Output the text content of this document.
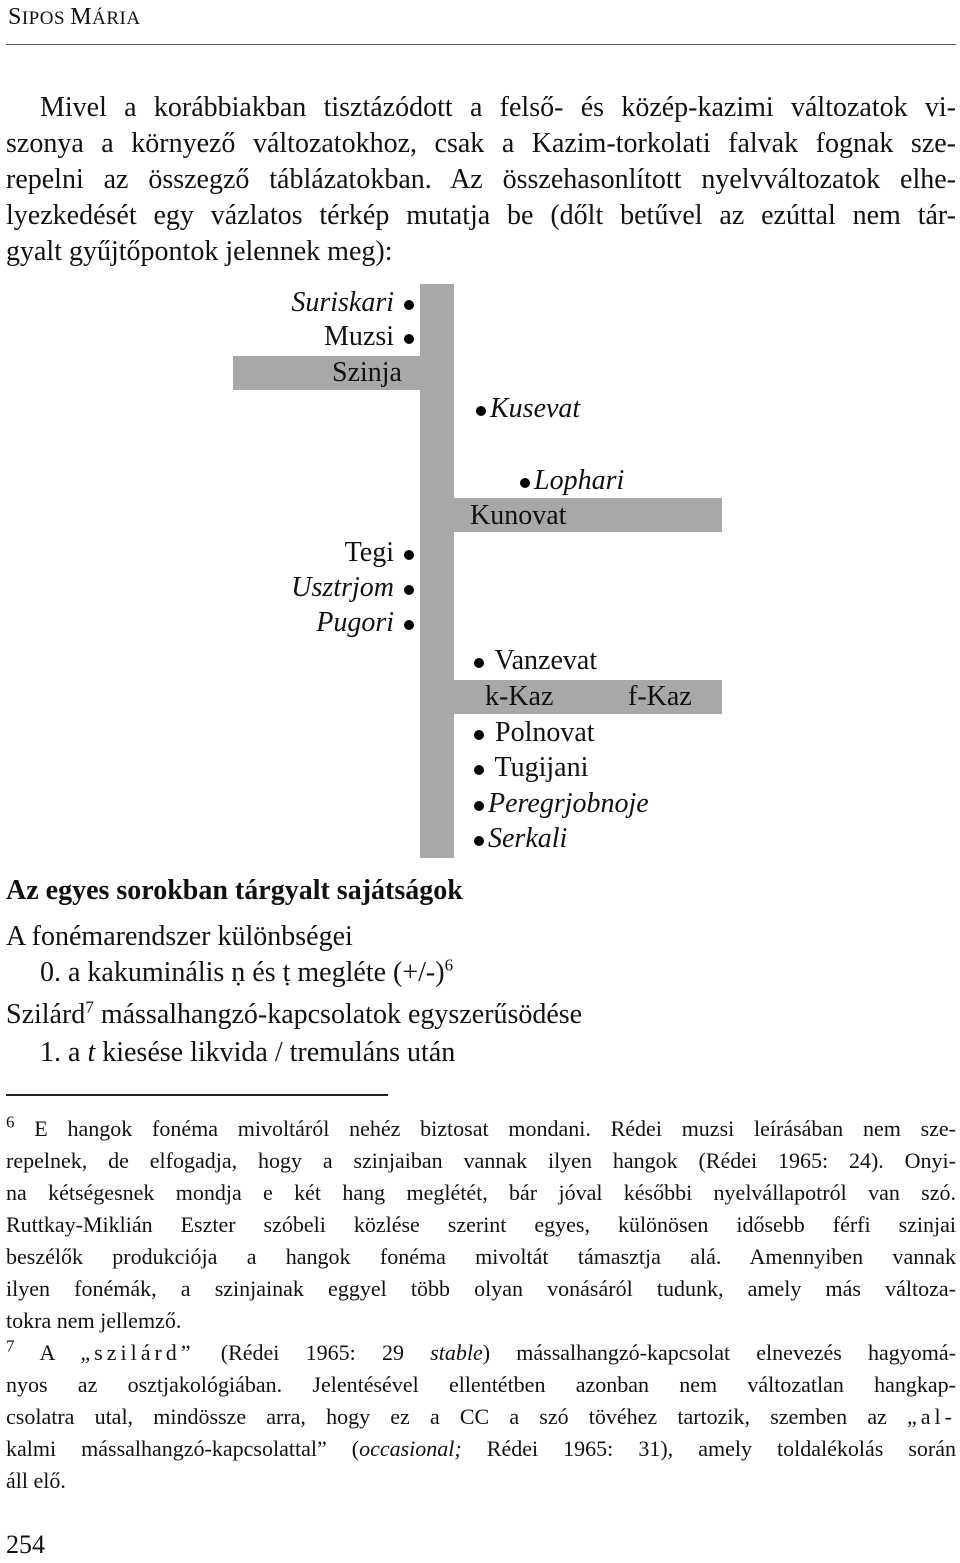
SIPOS MÁRIA
Mivel a korábbiakban tisztázódott a felső- és közép-kazimi változatok vi-
szonya a környező változatokhoz, csak a Kazim-torkolati falvak fognak sze-
repelni az összegző táblázatokban. Az összehasonlított nyelvváltozatok elhe-
lyezkedését egy vázlatos térkép mutatja be (dőlt betűvel az ezúttal nem tár-
gyalt gyűjtőpontok jelennek meg):
Suriskari
Muzsi
Szinja
Kusevat
Lophari
Kunovat
Tegi
Usztrjom
Pugori
Vanzevat
k-Kaz	f-Kaz
Polnovat
Tugijani
Peregrjobnoje
Serkali
Az egyes sorokban tárgyalt sajátságok
A fonémarendszer különbségei
0. a kakuminális ṇ és ṭ megléte $(+/-)^6$
Szilárd$^7$ mássalhangzó-kapcsolatok egyszerűsödése
1. a t kiesése likvida / tremuláns után
$^6$ E hangok fonéma mivoltáról nehéz biztosat mondani. Rédei muzsi leírásában nem sze-
repelnek, de elfogadja, hogy a szinjaiban vannak ilyen hangok (Rédei 1965: 24). Onyi-
na kétségesnek mondja e két hang meglétét, bár jóval későbbi nyelvállapotról van szó.
Ruttkay-Miklián Eszter szóbeli közlése szerint egyes, különösen idősebb férfi szinjai
beszélők produkciója a hangok fonéma mivoltát támasztja alá. Amennyiben vannak
ilyen fonémák, a szinjainak eggyel több olyan vonásáról tudunk, amely más változa-
tokra nem jellemző.
$^7$ A „szilárd” (Rédei 1965: 29 stable) mássalhangzó-kapcsolat elnevezés hagyomá-
nyos az osztjakológiában. Jelentésével ellentétben azonban nem változatlan hangkap-
csolatra utal, mindössze arra, hogy ez a CC a szó tövéhez tartozik, szemben az „al-
kalmi mássalhangzó-kapcsolattal” (occasional; Rédei 1965: 31), amely toldalékolás során
áll elő.
254
